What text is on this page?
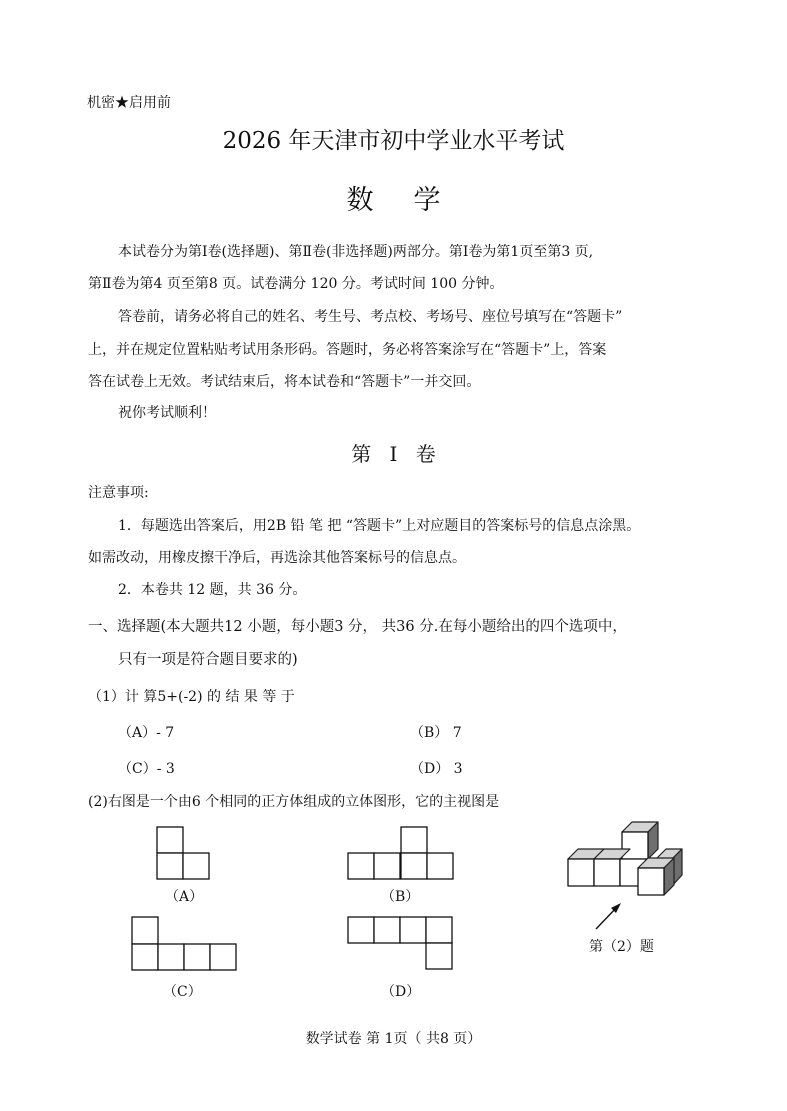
机密★启用前
2026 年天津市初中学业水平考试
数学
本试卷分为第Ⅰ卷(选择题)、第Ⅱ卷(非选择题)两部分。第Ⅰ卷为第1页至第3 页,
第Ⅱ卷为第4 页至第8 页。试卷满分 120 分。考试时间 100 分钟。
答卷前，请务必将自己的姓名、考生号、考点校、考场号、座位号填写在“答题卡”
上，并在规定位置粘贴考试用条形码。答题时，务必将答案涂写在“答题卡”上，答案
答在试卷上无效。考试结束后，将本试卷和“答题卡”一并交回。
祝你考试顺利！
第 Ⅰ 卷
注意事项:
1．每题选出答案后，用2B 铅 笔 把 “答题卡”上对应题目的答案标号的信息点涂黑。
如需改动，用橡皮擦干净后，再选涂其他答案标号的信息点。
2．本卷共 12 题，共 36 分。
一、选择题(本大题共12 小题，每小题3 分， 共36 分.在每小题给出的四个选项中，
只有一项是符合题目要求的)
（1）计 算5+(-2) 的 结 果 等 于
（A）- 7	（B） 7
（C）- 3	（D） 3
(2)右图是一个由6 个相同的正方体组成的立体图形，它的主视图是
（A）	（B）
（C）	（D）
第（2）题
数学试卷 第 1页（ 共8 页）
